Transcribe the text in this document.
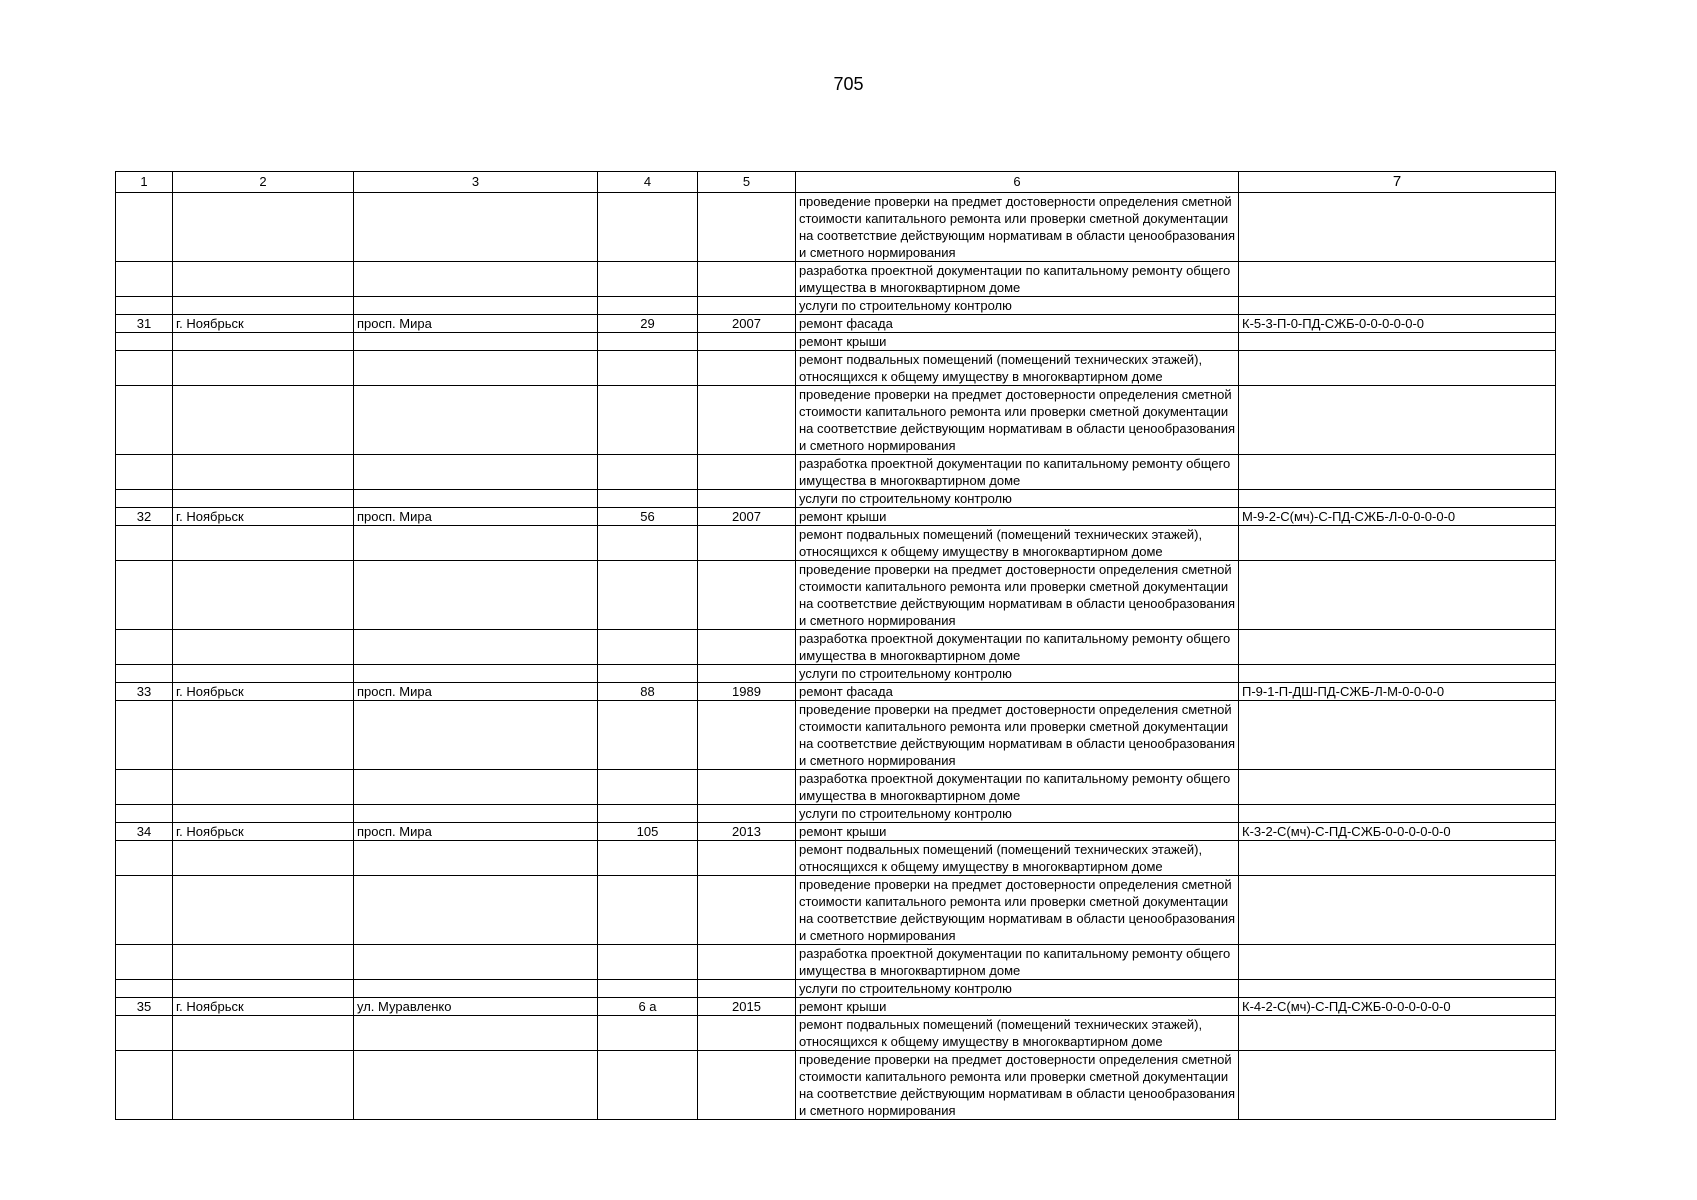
705
1	2	3	4	5	6	7
					проведение проверки на предмет достоверности определения сметной стоимости капитального ремонта или проверки сметной документации на соответствие действующим нормативам в области ценообразования и сметного нормирования	
					разработка проектной документации по капитальному ремонту общего имущества в многоквартирном доме	
					услуги по строительному контролю	
31	г. Ноябрьск	просп. Мира	29	2007	ремонт фасада	К-5-3-П-0-ПД-СЖБ-0-0-0-0-0-0
					ремонт крыши	
					ремонт подвальных помещений (помещений технических этажей), относящихся к общему имуществу в многоквартирном доме	
					проведение проверки на предмет достоверности определения сметной стоимости капитального ремонта или проверки сметной документации на соответствие действующим нормативам в области ценообразования и сметного нормирования	
					разработка проектной документации по капитальному ремонту общего имущества в многоквартирном доме	
					услуги по строительному контролю	
32	г. Ноябрьск	просп. Мира	56	2007	ремонт крыши	М-9-2-С(мч)-С-ПД-СЖБ-Л-0-0-0-0-0
					ремонт подвальных помещений (помещений технических этажей), относящихся к общему имуществу в многоквартирном доме	
					проведение проверки на предмет достоверности определения сметной стоимости капитального ремонта или проверки сметной документации на соответствие действующим нормативам в области ценообразования и сметного нормирования	
					разработка проектной документации по капитальному ремонту общего имущества в многоквартирном доме	
					услуги по строительному контролю	
33	г. Ноябрьск	просп. Мира	88	1989	ремонт фасада	П-9-1-П-ДШ-ПД-СЖБ-Л-М-0-0-0-0
					проведение проверки на предмет достоверности определения сметной стоимости капитального ремонта или проверки сметной документации на соответствие действующим нормативам в области ценообразования и сметного нормирования	
					разработка проектной документации по капитальному ремонту общего имущества в многоквартирном доме	
					услуги по строительному контролю	
34	г. Ноябрьск	просп. Мира	105	2013	ремонт крыши	К-3-2-С(мч)-С-ПД-СЖБ-0-0-0-0-0-0
					ремонт подвальных помещений (помещений технических этажей), относящихся к общему имуществу в многоквартирном доме	
					проведение проверки на предмет достоверности определения сметной стоимости капитального ремонта или проверки сметной документации на соответствие действующим нормативам в области ценообразования и сметного нормирования	
					разработка проектной документации по капитальному ремонту общего имущества в многоквартирном доме	
					услуги по строительному контролю	
35	г. Ноябрьск	ул. Муравленко	6 а	2015	ремонт крыши	К-4-2-С(мч)-С-ПД-СЖБ-0-0-0-0-0-0
					ремонт подвальных помещений (помещений технических этажей), относящихся к общему имуществу в многоквартирном доме	
					проведение проверки на предмет достоверности определения сметной стоимости капитального ремонта или проверки сметной документации на соответствие действующим нормативам в области ценообразования и сметного нормирования	
